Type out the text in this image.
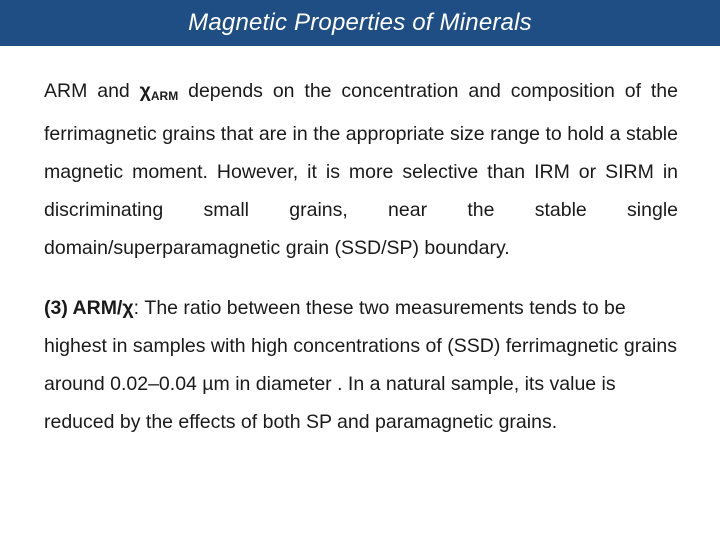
Magnetic Properties of Minerals

ARM and $\chi_{ARM}$ depends on the concentration and composition of the ferrimagnetic grains that are in the appropriate size range to hold a stable magnetic moment. However, it is more selective than IRM or SIRM in discriminating small grains, near the stable single domain/superparamagnetic grain (SSD/SP) boundary.

(3) ARM/χ: The ratio between these two measurements tends to be highest in samples with high concentrations of (SSD) ferrimagnetic grains around 0.02–0.04 µm in diameter . In a natural sample, its value is reduced by the effects of both SP and paramagnetic grains.
